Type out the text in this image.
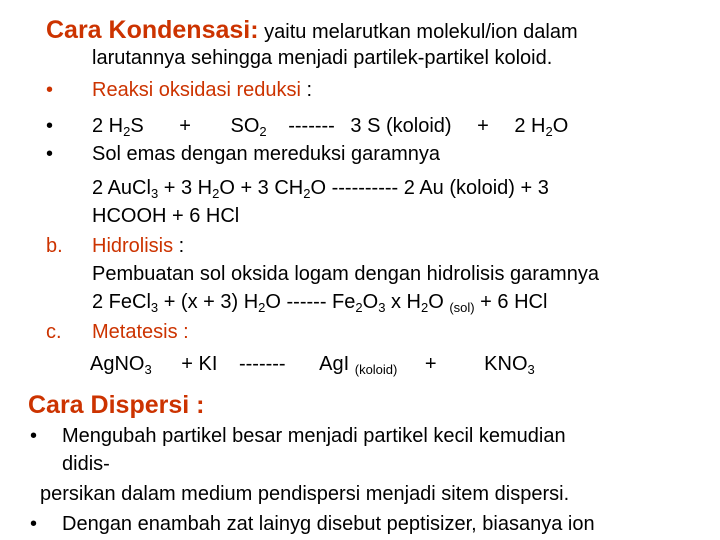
Cara Kondensasi: yaitu melarutkan molekul/ion dalam
larutannya sehingga menjadi partilek-partikel koloid.
• Reaksi oksidasi reduksi :
• 2 $H_2S + SO_2$ ------- 3 S (koloid) + 2 $H_2O$
• Sol emas dengan mereduksi garamnya
2 AuCl$_3$ + 3 $H_2O + 3$ $CH_2O$ ---------- 2 Au (koloid) + 3
HCOOH + 6 HCl
b. Hidrolisis :
Pembuatan sol oksida logam dengan hidrolisis garamnya
2 FeCl$_3$ + (x + 3) $H_2O$ ------ $Fe_2O_3$ x $H_2O$ $_{(sol)}$ + 6 HCl
c. Metatesis :
AgNO$_3$ + KI ------- AgI $_{(koloid)} + KNO_3$
Cara Dispersi :
• Mengubah partikel besar menjadi partikel kecil kemudian
didis-
persikan dalam medium pendispersi menjadi sitem dispersi.
• Dengan enambah zat lainyg disebut peptisizer, biasanya ion
